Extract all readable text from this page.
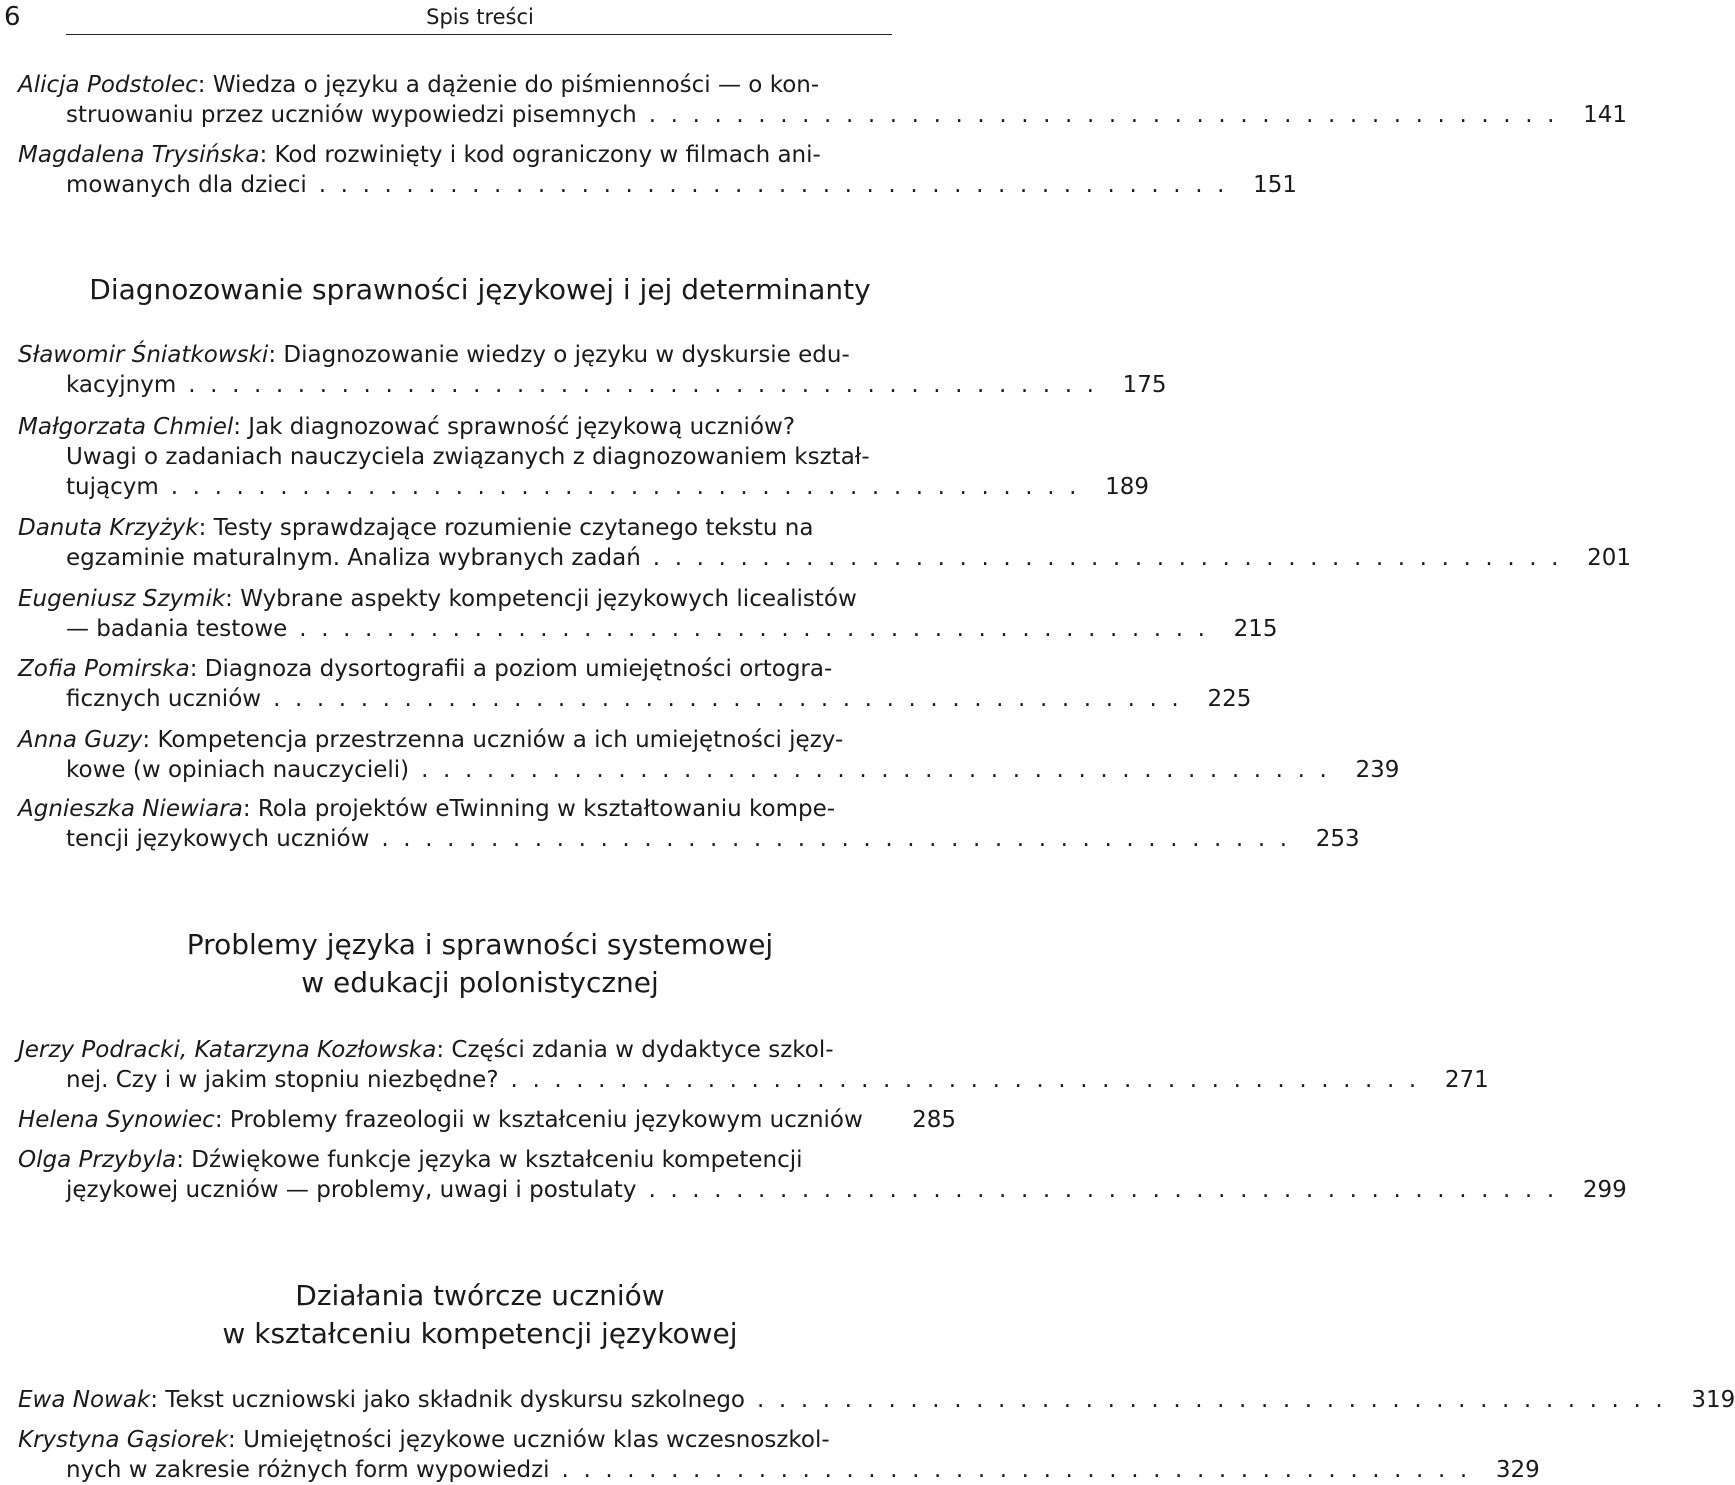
6	Spis treści
Alicja Podstolec : Wiedza o języku a dążenie do piśmienności — o kon-
struowaniu przez uczniów wypowiedzi pisemnych .......................................... 141
Magdalena Trysińska : Kod rozwinięty i kod ograniczony w filmach ani-
mowanych dla dzieci .......................................... 151
Diagnozowanie sprawności językowej i jej determinanty
Sławomir Śniatkowski : Diagnozowanie wiedzy o języku w dyskursie edu-
kacyjnym .......................................... 175
Małgorzata Chmiel : Jak diagnozować sprawność językową uczniów?
Uwagi o zadaniach nauczyciela związanych z diagnozowaniem kształ-
tującym .......................................... 189
Danuta Krzyżyk : Testy sprawdzające rozumienie czytanego tekstu na
egzaminie maturalnym. Analiza wybranych zadań .......................................... 201
Eugeniusz Szymik : Wybrane aspekty kompetencji językowych licealistów
— badania testowe .......................................... 215
Zofia Pomirska : Diagnoza dysortografii a poziom umiejętności ortogra-
ficznych uczniów .......................................... 225
Anna Guzy : Kompetencja przestrzenna uczniów a ich umiejętności języ-
kowe (w opiniach nauczycieli) .......................................... 239
Agnieszka Niewiara : Rola projektów eTwinning w kształtowaniu kompe-
tencji językowych uczniów .......................................... 253
Problemy języka i sprawności systemowej
w edukacji polonistycznej
Jerzy Podracki, Katarzyna Kozłowska : Części zdania w dydaktyce szkol-
nej. Czy i w jakim stopniu niezbędne? .......................................... 271
Helena Synowiec : Problemy frazeologii w kształceniu językowym uczniów 285
Olga Przybyla : Dźwiękowe funkcje języka w kształceniu kompetencji
językowej uczniów — problemy, uwagi i postulaty .......................................... 299
Działania twórcze uczniów
w kształceniu kompetencji językowej
Ewa Nowak : Tekst uczniowski jako składnik dyskursu szkolnego .......................................... 319
Krystyna Gąsiorek : Umiejętności językowe uczniów klas wczesnoszkol-
nych w zakresie różnych form wypowiedzi .......................................... 329
